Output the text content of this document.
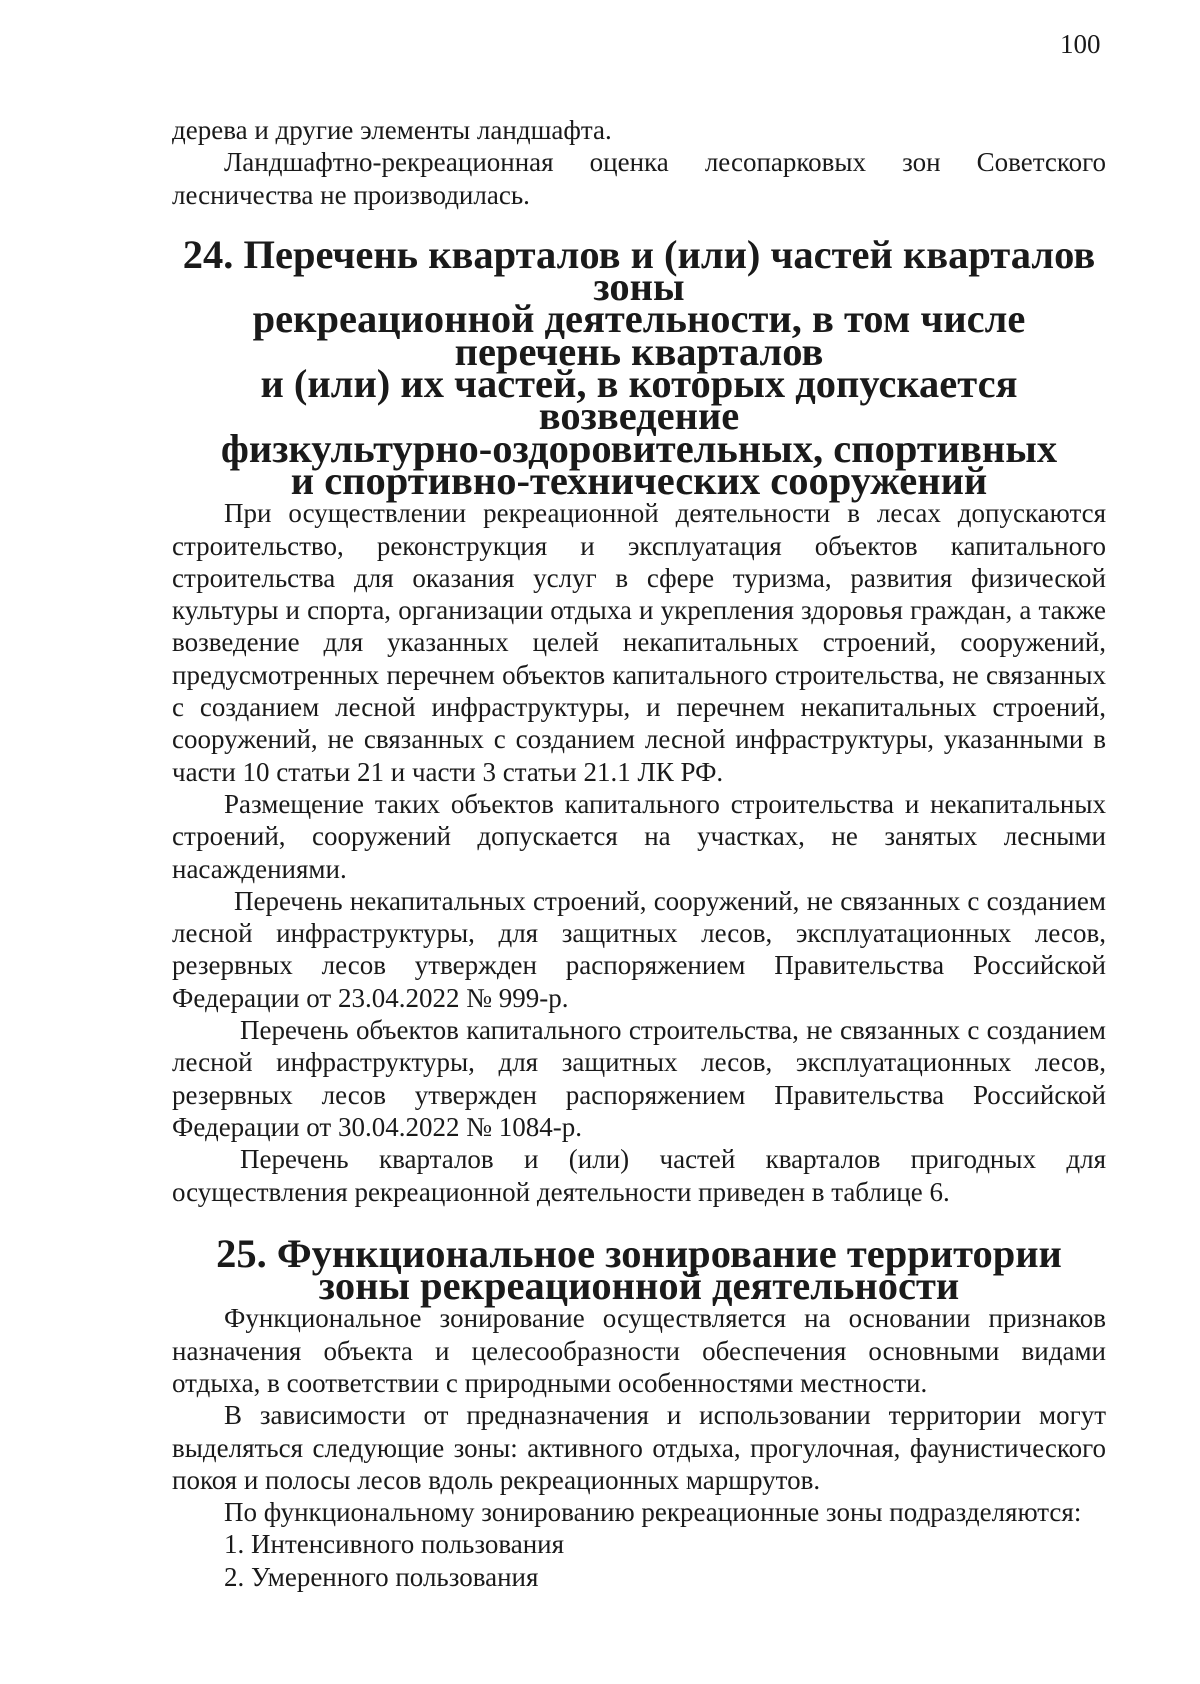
100

дерева и другие элементы ландшафта.

Ландшафтно-рекреационная оценка лесопарковых зон Советского лесничества не производилась.

24. Перечень кварталов и (или) частей кварталов зоны
рекреационной деятельности, в том числе перечень кварталов
и (или) их частей, в которых допускается возведение
физкультурно-оздоровительных, спортивных
и спортивно-технических сооружений

При осуществлении рекреационной деятельности в лесах допускаются строительство, реконструкция и эксплуатация объектов капитального строительства для оказания услуг в сфере туризма, развития физической культуры и спорта, организации отдыха и укрепления здоровья граждан, а также возведение для указанных целей некапитальных строений, сооружений, предусмотренных перечнем объектов капитального строительства, не связанных с созданием лесной инфраструктуры, и перечнем некапитальных строений, сооружений, не связанных с созданием лесной инфраструктуры, указанными в части 10 статьи 21 и части 3 статьи 21.1 ЛК РФ.

Размещение таких объектов капитального строительства и некапитальных строений, сооружений допускается на участках, не занятых лесными насаждениями.

Перечень некапитальных строений, сооружений, не связанных с созданием лесной инфраструктуры, для защитных лесов, эксплуатационных лесов, резервных лесов утвержден распоряжением Правительства Российской Федерации от 23.04.2022 № 999-р.

Перечень объектов капитального строительства, не связанных с созданием лесной инфраструктуры, для защитных лесов, эксплуатационных лесов, резервных лесов утвержден распоряжением Правительства Российской Федерации от 30.04.2022 № 1084-р.

Перечень кварталов и (или) частей кварталов пригодных для осуществления рекреационной деятельности приведен в таблице 6.

25. Функциональное зонирование территории
зоны рекреационной деятельности

Функциональное зонирование осуществляется на основании признаков назначения объекта и целесообразности обеспечения основными видами отдыха, в соответствии с природными особенностями местности.

В зависимости от предназначения и использовании территории могут выделяться следующие зоны: активного отдыха, прогулочная, фаунистического покоя и полосы лесов вдоль рекреационных маршрутов.

По функциональному зонированию рекреационные зоны подразделяются:

1. Интенсивного пользования
2. Умеренного пользования
